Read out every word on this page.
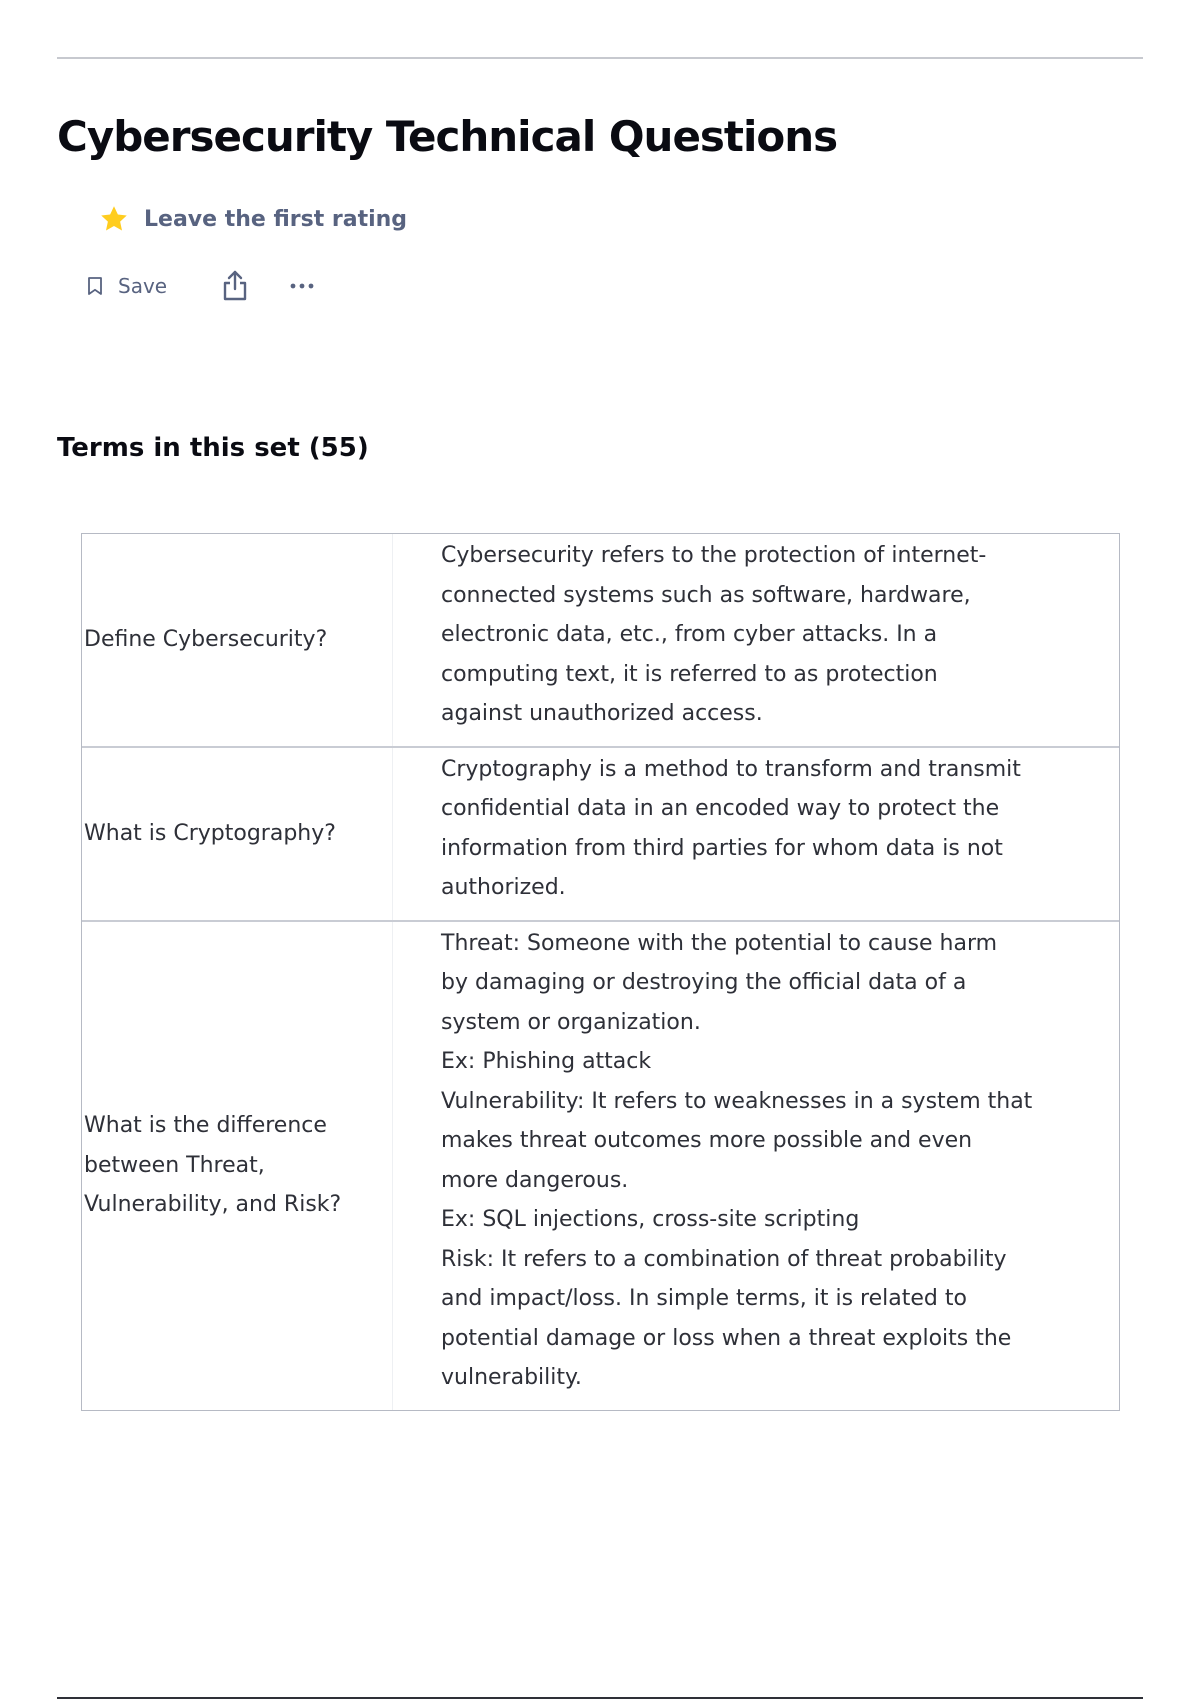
Cybersecurity Technical Questions
Leave the first rating
Save
Terms in this set (55)
Define Cybersecurity?
Cybersecurity refers to the protection of internet-
connected systems such as software, hardware,
electronic data, etc., from cyber attacks. In a
computing text, it is referred to as protection
against unauthorized access.
What is Cryptography?
Cryptography is a method to transform and transmit
confidential data in an encoded way to protect the
information from third parties for whom data is not
authorized.
What is the difference
between Threat,
Vulnerability, and Risk?
Threat: Someone with the potential to cause harm
by damaging or destroying the official data of a
system or organization.
Ex: Phishing attack
Vulnerability: It refers to weaknesses in a system that
makes threat outcomes more possible and even
more dangerous.
Ex: SQL injections, cross-site scripting
Risk: It refers to a combination of threat probability
and impact/loss. In simple terms, it is related to
potential damage or loss when a threat exploits the
vulnerability.
